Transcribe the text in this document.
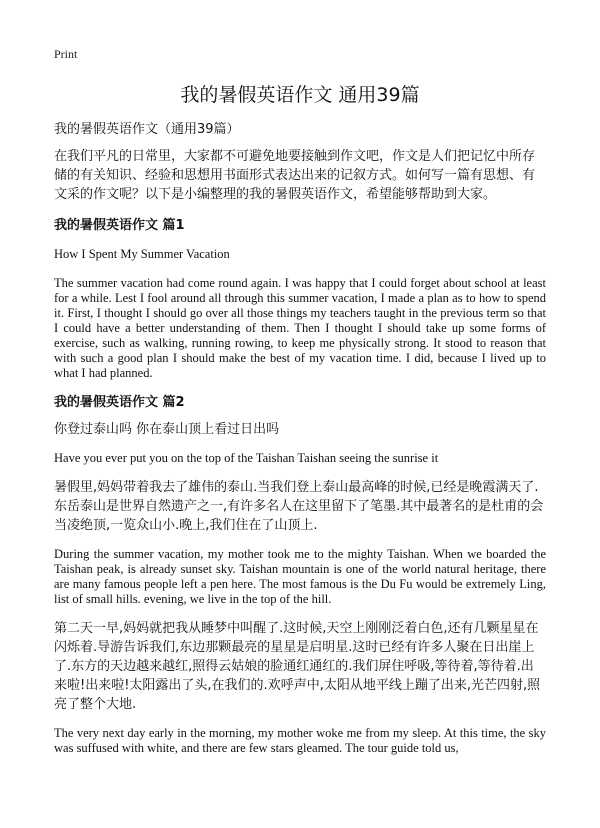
Print
我的暑假英语作文 通用39篇

我的暑假英语作文（通用39篇）

在我们平凡的日常里，大家都不可避免地要接触到作文吧，作文是人们把记忆中所存储的有关知识、经验和思想用书面形式表达出来的记叙方式。如何写一篇有思想、有文采的作文呢？以下是小编整理的我的暑假英语作文，希望能够帮助到大家。

我的暑假英语作文 篇1

How I Spent My Summer Vacation

The summer vacation had come round again. I was happy that I could forget about school at least for a while. Lest I fool around all through this summer vacation, I made a plan as to how to spend it. First, I thought I should go over all those things my teachers taught in the previous term so that I could have a better understanding of them. Then I thought I should take up some forms of exercise, such as walking, running rowing, to keep me physically strong. It stood to reason that with such a good plan I should make the best of my vacation time. I did, because I lived up to what I had planned.

我的暑假英语作文 篇2

你登过泰山吗 你在泰山顶上看过日出吗

Have you ever put you on the top of the Taishan Taishan seeing the sunrise it

暑假里,妈妈带着我去了雄伟的泰山.当我们登上泰山最高峰的时候,已经是晚霞满天了.东岳泰山是世界自然遗产之一,有许多名人在这里留下了笔墨.其中最著名的是杜甫的会当凌绝顶,一览众山小.晚上,我们住在了山顶上.

During the summer vacation, my mother took me to the mighty Taishan. When we boarded the Taishan peak, is already sunset sky. Taishan mountain is one of the world natural heritage, there are many famous people left a pen here. The most famous is the Du Fu would be extremely Ling, list of small hills. evening, we live in the top of the hill.

第二天一早,妈妈就把我从睡梦中叫醒了.这时候,天空上刚刚泛着白色,还有几颗星星在闪烁着.导游告诉我们,东边那颗最亮的星星是启明星.这时已经有许多人聚在日出崖上了.东方的天边越来越红,照得云姑娘的脸通红通红的.我们屏住呼吸,等待着,等待着.出来啦!出来啦!太阳露出了头,在我们的.欢呼声中,太阳从地平线上蹦了出来,光芒四射,照亮了整个大地.

The very next day early in the morning, my mother woke me from my sleep. At this time, the sky was suffused with white, and there are few stars gleamed. The tour guide told us,
